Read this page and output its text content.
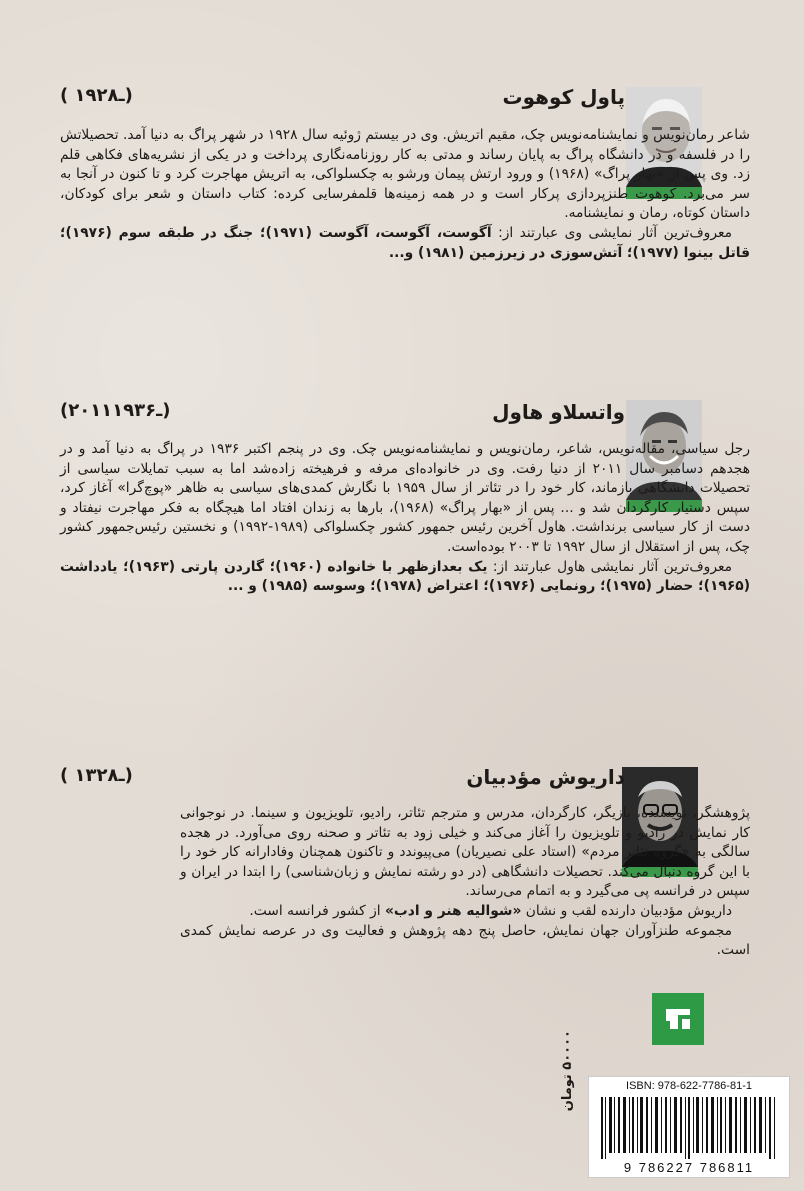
پاول کوهوت
( ـ۱۹۲۸)

شاعر رمان‌نویس و نمایشنامه‌نویس چک، مقیم اتریش. وی در بیستم ژوئیه سال ۱۹۲۸ در شهر پراگ به دنیا آمد. تحصیلاتش را در فلسفه و در دانشگاه پراگ به پایان رساند و مدتی به کار روزنامه‌نگاری پرداخت و در یکی از نشریه‌های فکاهی قلم زد. وی پس از «بهار پراگ» (۱۹۶۸) و ورود ارتش پیمان ورشو به چکسلواکی، به اتریش مهاجرت کرد و تا کنون در آنجا به سر می‌برد. کوهوت طنزپردازی پرکار است و در همه زمینه‌ها قلمفرسایی کرده: کتاب داستان و شعر برای کودکان، داستان کوتاه، رمان و نمایشنامه.

معروف‌ترین آثار نمایشی وی عبارتند از: آگوست، آگوست، آگوست (۱۹۷۱)؛ جنگ در طبقه سوم (۱۹۷۶)؛ قاتل بینوا (۱۹۷۷)؛ آتش‌سوزی در زیرزمین (۱۹۸۱) و...

واتسلاو هاول
(۲۰۱۱ـ۱۹۳۶)

رجل سیاسی، مقاله‌نویس، شاعر، رمان‌نویس و نمایشنامه‌نویس چک. وی در پنجم اکتبر ۱۹۳۶ در پراگ به دنیا آمد و در هجدهم دسامبر سال ۲۰۱۱ از دنیا رفت. وی در خانواده‌ای مرفه و فرهیخته زاده‌شد اما به سبب تمایلات سیاسی از تحصیلات دانشگاهی بازماند، کار خود را در تئاتر از سال ۱۹۵۹ با نگارش کمدی‌های سیاسی به ظاهر «پوچ‌گرا» آغاز کرد، سپس دستیار کارگردان شد و ... پس از «بهار پراگ» (۱۹۶۸)، بارها به زندان افتاد اما هیچگاه به فکر مهاجرت نیفتاد و دست از کار سیاسی برنداشت. هاول آخرین رئیس جمهور کشور چکسلواکی (۱۹۸۹-۱۹۹۲) و نخستین رئیس‌جمهور کشور چک، پس از استقلال از سال ۱۹۹۲ تا ۲۰۰۳ بوده‌است.

معروف‌ترین آثار نمایشی هاول عبارتند از: یک بعدازظهر با خانواده (۱۹۶۰)؛ گاردن پارتی (۱۹۶۳)؛ یادداشت (۱۹۶۵)؛ حضار (۱۹۷۵)؛ رونمایی (۱۹۷۶)؛ اعتراض (۱۹۷۸)؛ وسوسه (۱۹۸۵) و ...

داریوش مؤدبیان
( ـ۱۳۲۸)

پژوهشگر، نویسنده، بازیگر، کارگردان، مدرس و مترجم تئاتر، رادیو، تلویزیون و سینما. در نوجوانی کار نمایش در رادیو و تلویزیون را آغاز می‌کند و خیلی زود به تئاتر و صحنه روی می‌آورد. در هجده سالگی به «گروه تئاتر مردم» (استاد علی نصیریان) می‌پیوندد و تاکنون همچنان وفادارانه کار خود را با این گروه دنبال می‌کند. تحصیلات دانشگاهی (در دو رشته نمایش و زبان‌شناسی) را ابتدا در ایران و سپس در فرانسه پی می‌گیرد و به اتمام می‌رساند.

داریوش مؤدبیان دارنده لقب و نشان «شوالیه هنر و ادب» از کشور فرانسه است.

مجموعه طنزآوران جهان نمایش، حاصل پنج دهه پژوهش و فعالیت وی در عرصه نمایش کمدی است.

ISBN: 978-622-7786-81-1
9 786227 786811
۵۰۰۰۰ تومان
